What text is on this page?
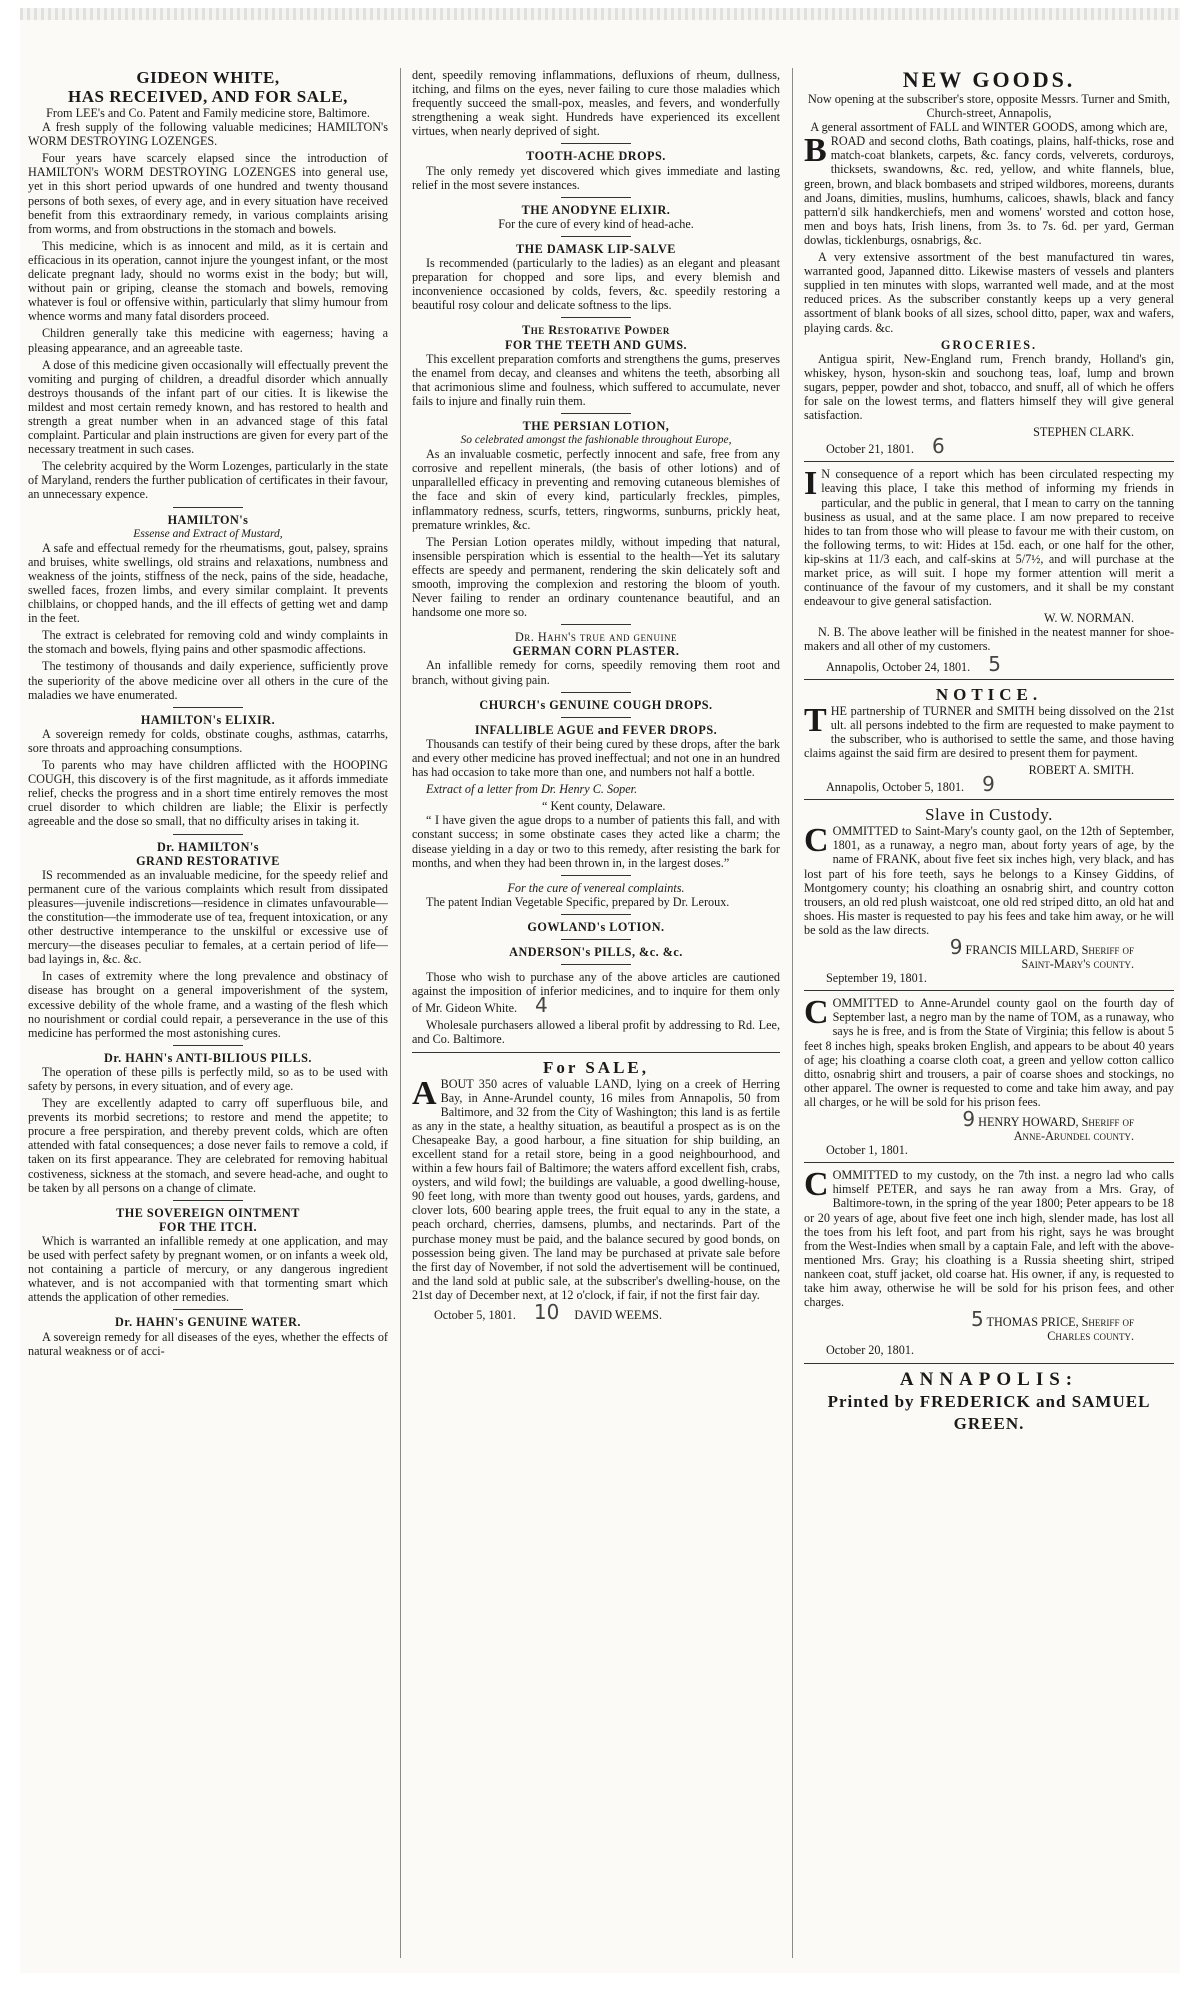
GIDEON WHITE,
HAS RECEIVED, AND FOR SALE,
From LEE's and Co. Patent and Family medicine store, Baltimore.

A fresh supply of the following valuable medicines; HAMILTON's WORM DESTROYING LOZENGES.

Four years have scarcely elapsed since the introduction of HAMILTON's WORM DESTROYING LOZENGES into general use, yet in this short period upwards of one hundred and twenty thousand persons of both sexes, of every age, and in every situation have received benefit from this extraordinary remedy, in various complaints arising from worms, and from obstructions in the stomach and bowels.

This medicine, which is as innocent and mild, as it is certain and efficacious in its operation, cannot injure the youngest infant, or the most delicate pregnant lady, should no worms exist in the body; but will, without pain or griping, cleanse the stomach and bowels, removing whatever is foul or offensive within, particularly that slimy humour from whence worms and many fatal disorders proceed.

Children generally take this medicine with eagerness; having a pleasing appearance, and an agreeable taste.

A dose of this medicine given occasionally will effectually prevent the vomiting and purging of children, a dreadful disorder which annually destroys thousands of the infant part of our cities. It is likewise the mildest and most certain remedy known, and has restored to health and strength a great number when in an advanced stage of this fatal complaint. Particular and plain instructions are given for every part of the necessary treatment in such cases.

The celebrity acquired by the Worm Lozenges, particularly in the state of Maryland, renders the further publication of certificates in their favour, an unnecessary expence.

HAMILTON's
Essense and Extract of Mustard,

A safe and effectual remedy for the rheumatisms, gout, palsey, sprains and bruises, white swellings, old strains and relaxations, numbness and weakness of the joints, stiffness of the neck, pains of the side, headache, swelled faces, frozen limbs, and every similar complaint. It prevents chilblains, or chopped hands, and the ill effects of getting wet and damp in the feet.

The extract is celebrated for removing cold and windy complaints in the stomach and bowels, flying pains and other spasmodic affections.

The testimony of thousands and daily experience, sufficiently prove the superiority of the above medicine over all others in the cure of the maladies we have enumerated.

HAMILTON's ELIXIR.

A sovereign remedy for colds, obstinate coughs, asthmas, catarrhs, sore throats and approaching consumptions.

To parents who may have children afflicted with the HOOPING COUGH, this discovery is of the first magnitude, as it affords immediate relief, checks the progress and in a short time entirely removes the most cruel disorder to which children are liable; the Elixir is perfectly agreeable and the dose so small, that no difficulty arises in taking it.

Dr. HAMILTON's
GRAND RESTORATIVE

IS recommended as an invaluable medicine, for the speedy relief and permanent cure of the various complaints which result from dissipated pleasures—juvenile indiscretions—residence in climates unfavourable—the constitution—the immoderate use of tea, frequent intoxication, or any other destructive intemperance to the unskilful or excessive use of mercury—the diseases peculiar to females, at a certain period of life—bad layings in, &c. &c.

In cases of extremity where the long prevalence and obstinacy of disease has brought on a general impoverishment of the system, excessive debility of the whole frame, and a wasting of the flesh which no nourishment or cordial could repair, a perseverance in the use of this medicine has performed the most astonishing cures.

Dr. HAHN's ANTI-BILIOUS PILLS.

The operation of these pills is perfectly mild, so as to be used with safety by persons, in every situation, and of every age.

They are excellently adapted to carry off superfluous bile, and prevents its morbid secretions; to restore and mend the appetite; to procure a free perspiration, and thereby prevent colds, which are often attended with fatal consequences; a dose never fails to remove a cold, if taken on its first appearance. They are celebrated for removing habitual costiveness, sickness at the stomach, and severe head-ache, and ought to be taken by all persons on a change of climate.

THE SOVEREIGN OINTMENT
FOR THE ITCH.

Which is warranted an infallible remedy at one application, and may be used with perfect safety by pregnant women, or on infants a week old, not containing a particle of mercury, or any dangerous ingredient whatever, and is not accompanied with that tormenting smart which attends the application of other remedies.

Dr. HAHN's GENUINE WATER.

A sovereign remedy for all diseases of the eyes, whether the effects of natural weakness or of acci-

dent, speedily removing inflammations, defluxions of rheum, dullness, itching, and films on the eyes, never failing to cure those maladies which frequently succeed the small-pox, measles, and fevers, and wonderfully strengthening a weak sight. Hundreds have experienced its excellent virtues, when nearly deprived of sight.

TOOTH-ACHE DROPS.

The only remedy yet discovered which gives immediate and lasting relief in the most severe instances.

THE ANODYNE ELIXIR.
For the cure of every kind of head-ache.
THE DAMASK LIP-SALVE

Is recommended (particularly to the ladies) as an elegant and pleasant preparation for chopped and sore lips, and every blemish and inconvenience occasioned by colds, fevers, &c. speedily restoring a beautiful rosy colour and delicate softness to the lips.

The Restorative Powder
FOR THE TEETH AND GUMS.

This excellent preparation comforts and strengthens the gums, preserves the enamel from decay, and cleanses and whitens the teeth, absorbing all that acrimonious slime and foulness, which suffered to accumulate, never fails to injure and finally ruin them.

THE PERSIAN LOTION,
So celebrated amongst the fashionable throughout Europe,

As an invaluable cosmetic, perfectly innocent and safe, free from any corrosive and repellent minerals, (the basis of other lotions) and of unparallelled efficacy in preventing and removing cutaneous blemishes of the face and skin of every kind, particularly freckles, pimples, inflammatory redness, scurfs, tetters, ringworms, sunburns, prickly heat, premature wrinkles, &c.

The Persian Lotion operates mildly, without impeding that natural, insensible perspiration which is essential to the health—Yet its salutary effects are speedy and permanent, rendering the skin delicately soft and smooth, improving the complexion and restoring the bloom of youth. Never failing to render an ordinary countenance beautiful, and an handsome one more so.

Dr. Hahn's true and genuine
GERMAN CORN PLASTER.

An infallible remedy for corns, speedily removing them root and branch, without giving pain.

CHURCH's GENUINE COUGH DROPS.
INFALLIBLE AGUE and FEVER DROPS.

Thousands can testify of their being cured by these drops, after the bark and every other medicine has proved ineffectual; and not one in an hundred has had occasion to take more than one, and numbers not half a bottle.

Extract of a letter from Dr. Henry C. Soper.

“ Kent county, Delaware.

“ I have given the ague drops to a number of patients this fall, and with constant success; in some obstinate cases they acted like a charm; the disease yielding in a day or two to this remedy, after resisting the bark for months, and when they had been thrown in, in the largest doses.”

For the cure of venereal complaints.

The patent Indian Vegetable Specific, prepared by Dr. Leroux.

GOWLAND's LOTION.
ANDERSON's PILLS, &c. &c.

Those who wish to purchase any of the above articles are cautioned against the imposition of inferior medicines, and to inquire for them only of Mr. Gideon White. 4

Wholesale purchasers allowed a liberal profit by addressing to Rd. Lee, and Co. Baltimore.

For SALE,

ABOUT 350 acres of valuable LAND, lying on a creek of Herring Bay, in Anne-Arundel county, 16 miles from Annapolis, 50 from Baltimore, and 32 from the City of Washington; this land is as fertile as any in the state, a healthy situation, as beautiful a prospect as is on the Chesapeake Bay, a good harbour, a fine situation for ship building, an excellent stand for a retail store, being in a good neighbourhood, and within a few hours fail of Baltimore; the waters afford excellent fish, crabs, oysters, and wild fowl; the buildings are valuable, a good dwelling-house, 90 feet long, with more than twenty good out houses, yards, gardens, and clover lots, 600 bearing apple trees, the fruit equal to any in the state, a peach orchard, cherries, damsens, plumbs, and nectarinds. Part of the purchase money must be paid, and the balance secured by good bonds, on possession being given. The land may be purchased at private sale before the first day of November, if not sold the advertisement will be continued, and the land sold at public sale, at the subscriber's dwelling-house, on the 21st day of December next, at 12 o'clock, if fair, if not the first fair day.

October 5, 1801. 10 DAVID WEEMS.
NEW GOODS.
Now opening at the subscriber's store, opposite Messrs. Turner and Smith, Church-street, Annapolis,
A general assortment of FALL and WINTER GOODS, among which are,

BROAD and second cloths, Bath coatings, plains, half-thicks, rose and match-coat blankets, carpets, &c. fancy cords, velverets, corduroys, thicksets, swandowns, &c. red, yellow, and white flannels, blue, green, brown, and black bombasets and striped wildbores, moreens, durants and Joans, dimities, muslins, humhums, calicoes, shawls, black and fancy pattern'd silk handkerchiefs, men and womens' worsted and cotton hose, men and boys hats, Irish linens, from 3s. to 7s. 6d. per yard, German dowlas, ticklenburgs, osnabrigs, &c.

A very extensive assortment of the best manufactured tin wares, warranted good, Japanned ditto. Likewise masters of vessels and planters supplied in ten minutes with slops, warranted well made, and at the most reduced prices. As the subscriber constantly keeps up a very general assortment of blank books of all sizes, school ditto, paper, wax and wafers, playing cards. &c.

GROCERIES.

Antigua spirit, New-England rum, French brandy, Holland's gin, whiskey, hyson, hyson-skin and souchong teas, loaf, lump and brown sugars, pepper, powder and shot, tobacco, and snuff, all of which he offers for sale on the lowest terms, and flatters himself they will give general satisfaction.

STEPHEN CLARK.
October 21, 1801. 6

I N consequence of a report which has been circulated respecting my leaving this place, I take this method of informing my friends in particular, and the public in general, that I mean to carry on the tanning business as usual, and at the same place. I am now prepared to receive hides to tan from those who will please to favour me with their custom, on the following terms, to wit: Hides at 15d. each, or one half for the other, kip-skins at 11/3 each, and calf-skins at 5/7½, and will purchase at the market price, as will suit. I hope my former attention will merit a continuance of the favour of my customers, and it shall be my constant endeavour to give general satisfaction.

W. W. NORMAN.

N. B. The above leather will be finished in the neatest manner for shoe-makers and all other of my customers.

Annapolis, October 24, 1801. 5
NOTICE.

THE partnership of TURNER and SMITH being dissolved on the 21st ult. all persons indebted to the firm are requested to make payment to the subscriber, who is authorised to settle the same, and those having claims against the said firm are desired to present them for payment.

ROBERT A. SMITH.
Annapolis, October 5, 1801. 9
Slave in Custody.

COMMITTED to Saint-Mary's county gaol, on the 12th of September, 1801, as a runaway, a negro man, about forty years of age, by the name of FRANK, about five feet six inches high, very black, and has lost part of his fore teeth, says he belongs to a Kinsey Giddins, of Montgomery county; his cloathing an osnabrig shirt, and country cotton trousers, an old red plush waistcoat, one old red striped ditto, an old hat and shoes. His master is requested to pay his fees and take him away, or he will be sold as the law directs.

9 FRANCIS MILLARD, Sheriff of
Saint-Mary's county.
September 19, 1801.

COMMITTED to Anne-Arundel county gaol on the fourth day of September last, a negro man by the name of TOM, as a runaway, who says he is free, and is from the State of Virginia; this fellow is about 5 feet 8 inches high, speaks broken English, and appears to be about 40 years of age; his cloathing a coarse cloth coat, a green and yellow cotton callico ditto, osnabrig shirt and trousers, a pair of coarse shoes and stockings, no other apparel. The owner is requested to come and take him away, and pay all charges, or he will be sold for his prison fees.

9 HENRY HOWARD, Sheriff of
Anne-Arundel county.
October 1, 1801.

COMMITTED to my custody, on the 7th inst. a negro lad who calls himself PETER, and says he ran away from a Mrs. Gray, of Baltimore-town, in the spring of the year 1800; Peter appears to be 18 or 20 years of age, about five feet one inch high, slender made, has lost all the toes from his left foot, and part from his right, says he was brought from the West-Indies when small by a captain Fale, and left with the above-mentioned Mrs. Gray; his cloathing is a Russia sheeting shirt, striped nankeen coat, stuff jacket, old coarse hat. His owner, if any, is requested to take him away, otherwise he will be sold for his prison fees, and other charges.

5 THOMAS PRICE, Sheriff of
Charles county.
October 20, 1801.
ANNAPOLIS:
Printed by FREDERICK and SAMUEL
GREEN.
